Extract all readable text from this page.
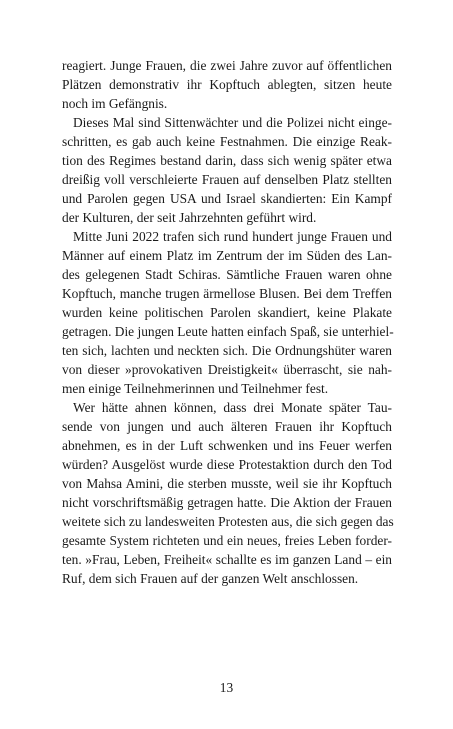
reagiert. Junge Frauen, die zwei Jahre zuvor auf öffentlichen
Plätzen demonstrativ ihr Kopftuch ablegten, sitzen heute
noch im Gefängnis.
Dieses Mal sind Sittenwächter und die Polizei nicht einge-
schritten, es gab auch keine Festnahmen. Die einzige Reak-
tion des Regimes bestand darin, dass sich wenig später etwa
dreißig voll verschleierte Frauen auf denselben Platz stellten
und Parolen gegen USA und Israel skandierten: Ein Kampf
der Kulturen, der seit Jahrzehnten geführt wird.
Mitte Juni 2022 trafen sich rund hundert junge Frauen und
Männer auf einem Platz im Zentrum der im Süden des Lan-
des gelegenen Stadt Schiras. Sämtliche Frauen waren ohne
Kopftuch, manche trugen ärmellose Blusen. Bei dem Treffen
wurden keine politischen Parolen skandiert, keine Plakate
getragen. Die jungen Leute hatten einfach Spaß, sie unterhiel-
ten sich, lachten und neckten sich. Die Ordnungshüter waren
von dieser »provokativen Dreistigkeit« überrascht, sie nah-
men einige Teilnehmerinnen und Teilnehmer fest.
Wer hätte ahnen können, dass drei Monate später Tau-
sende von jungen und auch älteren Frauen ihr Kopftuch
abnehmen, es in der Luft schwenken und ins Feuer werfen
würden? Ausgelöst wurde diese Protestaktion durch den Tod
von Mahsa Amini, die sterben musste, weil sie ihr Kopftuch
nicht vorschriftsmäßig getragen hatte. Die Aktion der Frauen
weitete sich zu landesweiten Protesten aus, die sich gegen das
gesamte System richteten und ein neues, freies Leben forder-
ten. »Frau, Leben, Freiheit« schallte es im ganzen Land – ein
Ruf, dem sich Frauen auf der ganzen Welt anschlossen.
13
